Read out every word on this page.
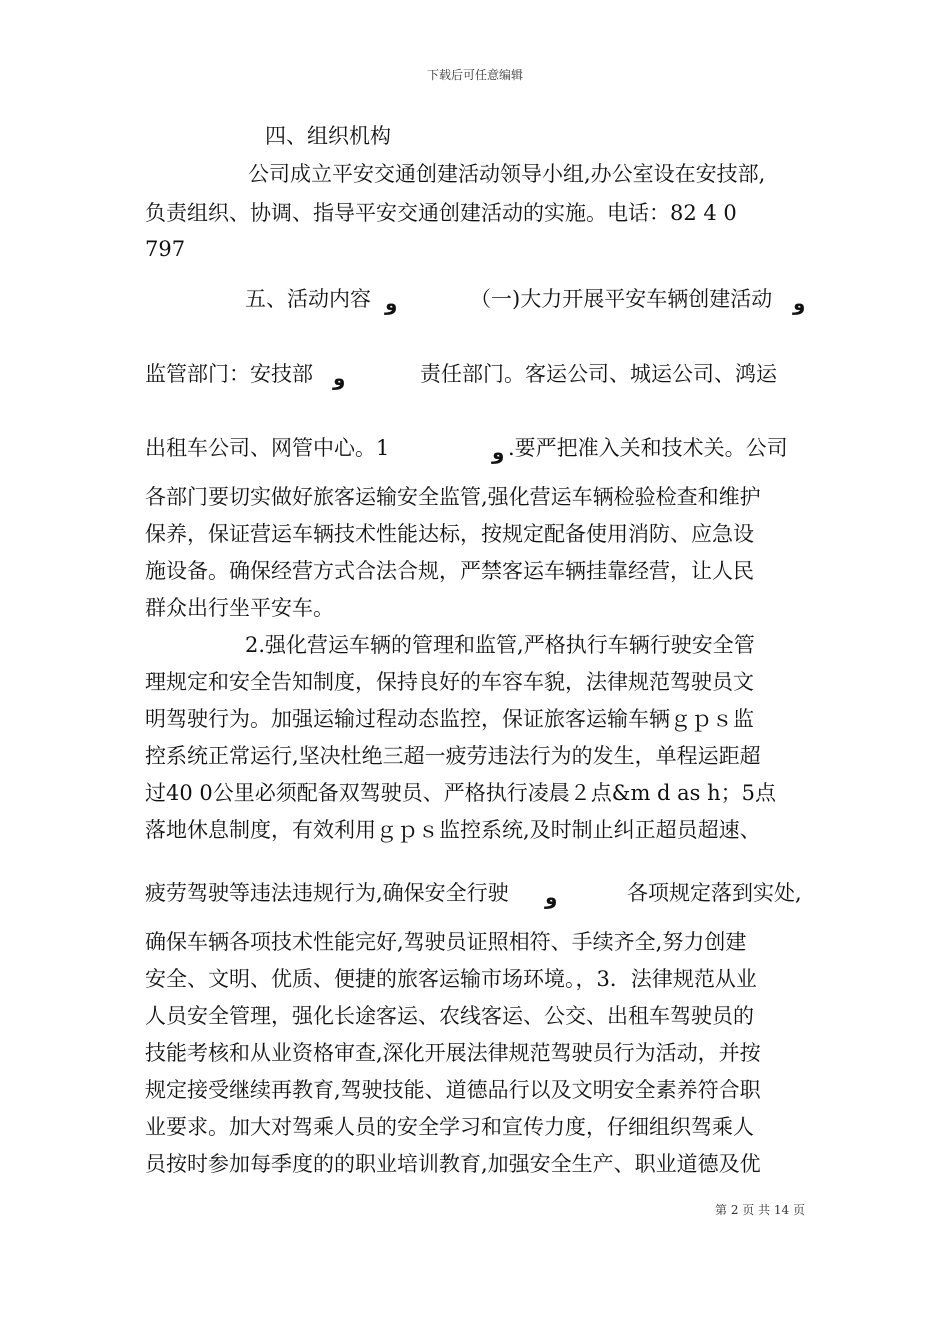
下载后可任意编辑
四、组织机构
公司成立平安交通创建活动领导小组,办公室设在安技部,
负责组织、协调、指导平安交通创建活动的实施。电话：82 4 0
797
五、活动内容 ﻭ	（一)大力开展平安车辆创建活动 ﻭ
监管部门：安技部 ﻭ	责任部门。客运公司、城运公司、鸿运
出租车公司、网管中心。1	ﻭ .要严把准入关和技术关。公司
各部门要切实做好旅客运输安全监管,强化营运车辆检验检查和维护
保养，保证营运车辆技术性能达标，按规定配备使用消防、应急设
施设备。确保经营方式合法合规，严禁客运车辆挂靠经营，让人民
群众出行坐平安车。
2.强化营运车辆的管理和监管,严格执行车辆行驶安全管
理规定和安全告知制度，保持良好的车容车貌，法律规范驾驶员文
明驾驶行为。加强运输过程动态监控，保证旅客运输车辆ｇｐｓ监
控系统正常运行,坚决杜绝三超一疲劳违法行为的发生，单程运距超
过40 0公里必须配备双驾驶员、严格执行凌晨２点&m d as h；5点
落地休息制度，有效利用ｇｐｓ监控系统,及时制止纠正超员超速、
疲劳驾驶等违法违规行为,确保安全行驶 ﻭ	各项规定落到实处,
确保车辆各项技术性能完好,驾驶员证照相符、手续齐全,努力创建
安全、文明、优质、便捷的旅客运输市场环境。，3．法律规范从业
人员安全管理，强化长途客运、农线客运、公交、出租车驾驶员的
技能考核和从业资格审查,深化开展法律规范驾驶员行为活动，并按
规定接受继续再教育,驾驶技能、道德品行以及文明安全素养符合职
业要求。加大对驾乘人员的安全学习和宣传力度，仔细组织驾乘人
员按时参加每季度的的职业培训教育,加强安全生产、职业道德及优
第 2 页 共 14 页
